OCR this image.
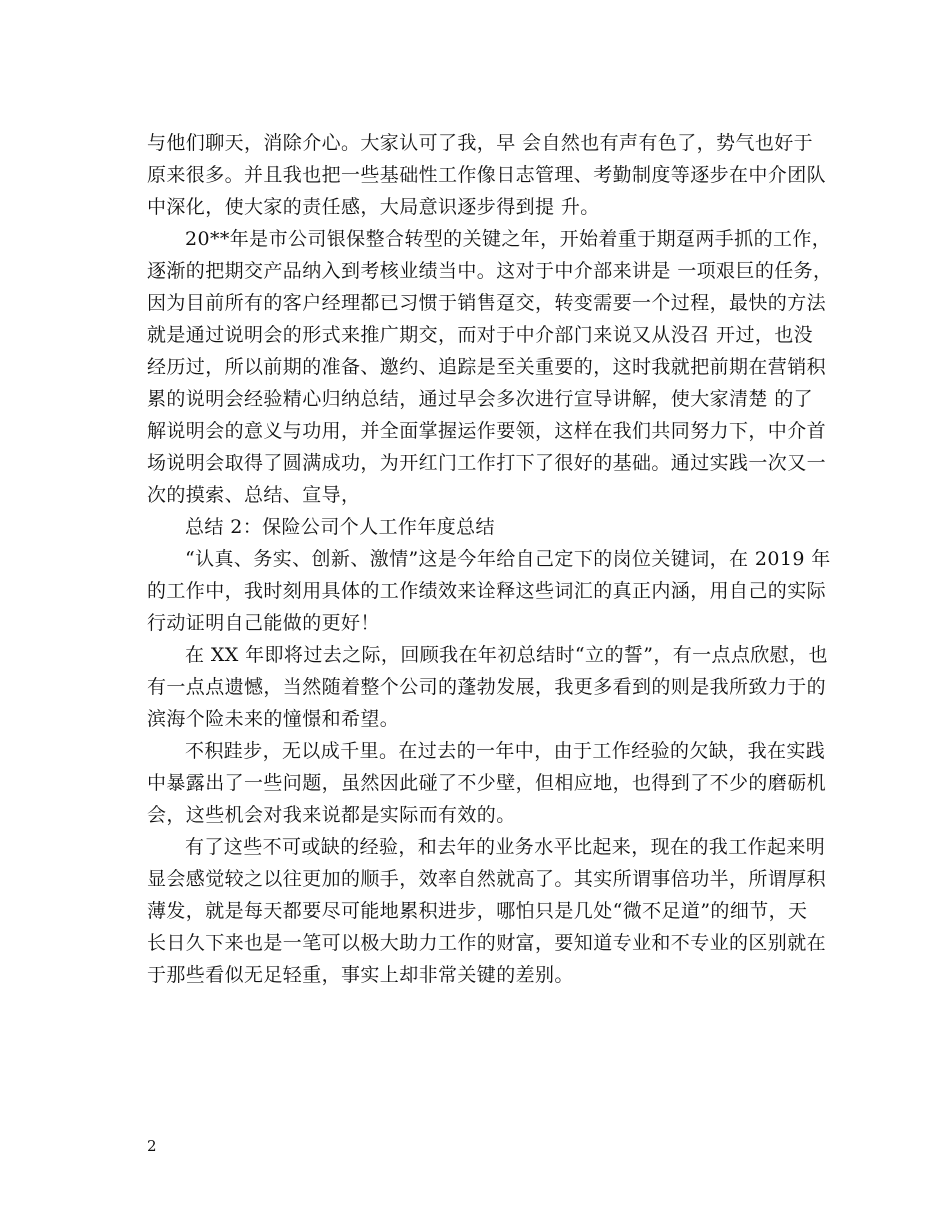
与他们聊天，消除介心。大家认可了我，早 会自然也有声有色了，势气也好于
原来很多。并且我也把一些基础性工作像日志管理、考勤制度等逐步在中介团队
中深化，使大家的责任感，大局意识逐步得到提 升。
20**年是市公司银保整合转型的关键之年，开始着重于期趸两手抓的工作，
逐渐的把期交产品纳入到考核业绩当中。这对于中介部来讲是 一项艰巨的任务，
因为目前所有的客户经理都已习惯于销售趸交，转变需要一个过程，最快的方法
就是通过说明会的形式来推广期交，而对于中介部门来说又从没召 开过，也没
经历过，所以前期的准备、邀约、追踪是至关重要的，这时我就把前期在营销积
累的说明会经验精心归纳总结，通过早会多次进行宣导讲解，使大家清楚 的了
解说明会的意义与功用，并全面掌握运作要领，这样在我们共同努力下，中介首
场说明会取得了圆满成功，为开红门工作打下了很好的基础。通过实践一次又一
次的摸索、总结、宣导，
总结 2：保险公司个人工作年度总结
“认真、务实、创新、激情”这是今年给自己定下的岗位关键词，在 2019 年
的工作中，我时刻用具体的工作绩效来诠释这些词汇的真正内涵，用自己的实际
行动证明自己能做的更好！
在 XX 年即将过去之际，回顾我在年初总结时“立的誓”，有一点点欣慰，也
有一点点遗憾，当然随着整个公司的蓬勃发展，我更多看到的则是我所致力于的
滨海个险未来的憧憬和希望。
不积跬步，无以成千里。在过去的一年中，由于工作经验的欠缺，我在实践
中暴露出了一些问题，虽然因此碰了不少壁，但相应地，也得到了不少的磨砺机
会，这些机会对我来说都是实际而有效的。
有了这些不可或缺的经验，和去年的业务水平比起来，现在的我工作起来明
显会感觉较之以往更加的顺手，效率自然就高了。其实所谓事倍功半，所谓厚积
薄发，就是每天都要尽可能地累积进步，哪怕只是几处“微不足道”的细节，天
长日久下来也是一笔可以极大助力工作的财富，要知道专业和不专业的区别就在
于那些看似无足轻重，事实上却非常关键的差别。
2
